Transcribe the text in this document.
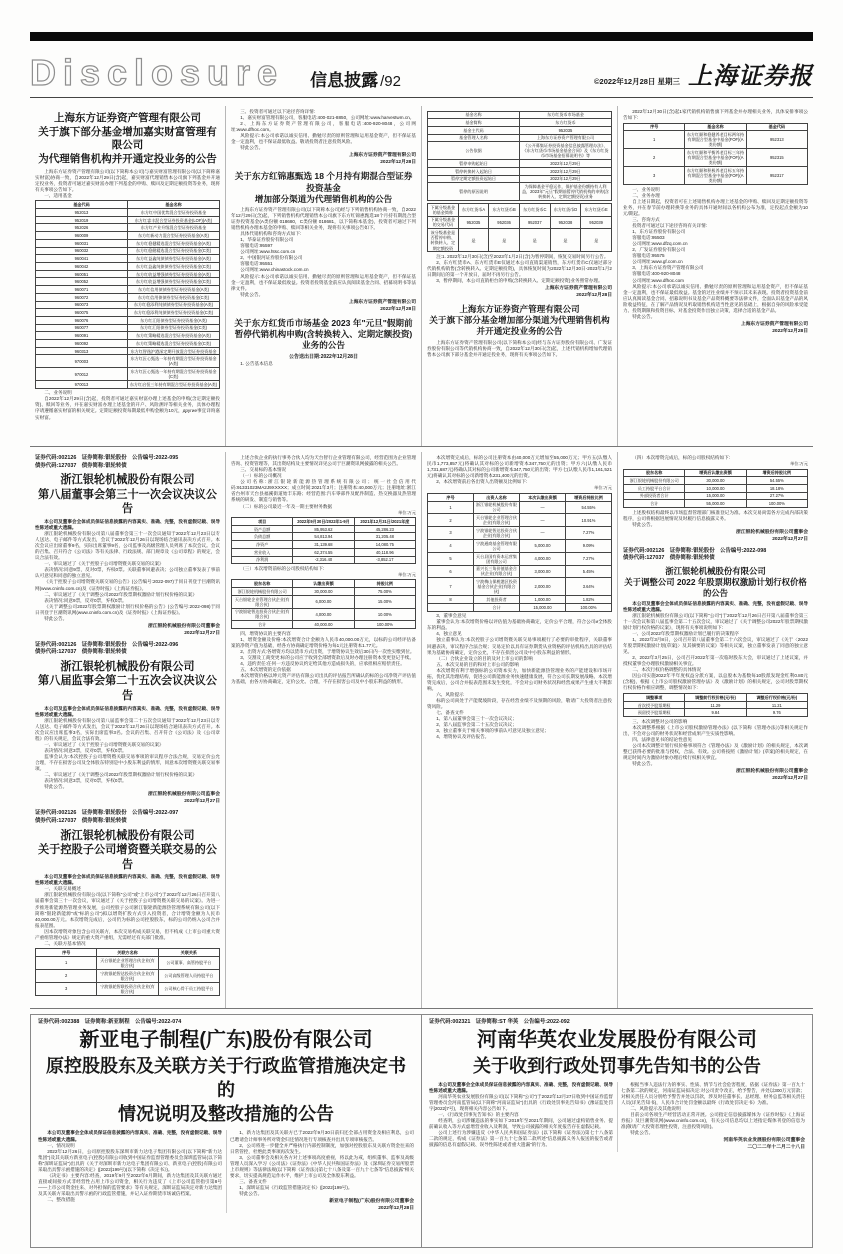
Disclosure 信息披露 /92	©2022年12月28日 星期三 上海证券报

上海东方证券资产管理有限公司

关于旗下部分基金增加嘉实财富管理有限公司

为代理销售机构并开通定投业务的公告

上海东方证券资产管理有限公司(以下简称本公司)与嘉实财富管理有限公司(以下简称嘉实财富)协商一致，自2022年12月29日(含)起，嘉实财富代理销售本公司旗下列基金并开通定投业务，投资者可通过嘉实财富办理下列基金的申购、赎回及定期定额投资等业务，现将有关事项公告如下。
一、适用基金
基金代码	基金名称
952013	东方红中国优势混合型证券投资基金
952019	东方红睿丰混合型证券投资基金(LOF)(A类)
952026	东方红产业升级混合型证券投资基金
960009	东方红新动力混合型证券投资基金(A类)
960031	东方红稳健精选混合型证券投资基金(A类)
960032	东方红稳健精选混合型证券投资基金(C类)
960041	东方红益鑫纯债债券型证券投资基金(A类)
960042	东方红益鑫纯债债券型证券投资基金(C类)
960051	东方红收益增强债券型证券投资基金(A类)
960052	东方红收益增强债券型证券投资基金(C类)
960071	东方红信用债债券型证券投资基金(A类)
960072	东方红信用债债券型证券投资基金(C类)
960073	东方红稳添利纯债债券型证券投资基金(A类)
960075	东方红稳添利纯债债券型证券投资基金(C类)
960076	东方红汇阳债券型证券投资基金(A类)
960077	东方红汇阳债券型证券投资基金(C类)
960091	东方红策略精选混合型证券投资基金(A类)
960092	东方红策略精选混合型证券投资基金(C类)
960313	东方红智逸沪港深定期开放混合型证券投资基金
970003	东方红匠心甄选一年持有期混合型证券投资基金(A类)
970012	东方红匠心甄选一年持有期混合型证券投资基金(C类)
970013	东方红启恒三年持有期混合型证券投资基金(A类)

二、业务说明

自2022年12月29日(含)起，投资者可通过嘉实财富办理上述基金的申购(含定期定额投资)、赎回等业务，并在嘉实财富办理上述基金的开户、风险测评等相关业务，具体办理程序请遵循嘉实财富的相关规定。定期定额投资每期最低申购金额为10元，другие事宜详询嘉实财富。

三、投资者可通过以下途径咨询详情:

1、嘉实财富管理有限公司，客服电话:400-021-8850，公司网址:www.harvestwm.cn。

2、上海东方证券资产管理有限公司，客服电话:400-920-8048，公司网址:www.dfhoc.com。

风险提示:本公司承诺以诚实信用、勤勉尽责的原则管理和运用基金资产，但不保证基金一定盈利，也不保证最低收益。敬请投资者注意投资风险。

特此公告。

上海东方证券资产管理有限公司

2022年12月28日

关于东方红锦惠甄选 18 个月持有期混合型证券投资基金

增加部分渠道为代理销售机构的公告

上海东方证券资产管理有限公司(以下简称本公司)经与下列销售机构协商一致，自2022年12月29日(含)起，下列销售机构代理销售本公司旗下东方红锦惠甄选18个月持有期混合型证券投资基金(A类份额 018680，C类份额 018681，以下简称本基金)，投资者可通过下列销售机构办理本基金的申购、赎回等相关业务，现将有关事项公告如下。

具体代销机构和咨询方式如下:

1、华泰证券股份有限公司

客服电话:95597

公司网址:www.htsc.com.cn

2、中国银河证券股份有限公司

客服电话:95551

公司网址:www.chinastock.com.cn

风险提示:本公司承诺以诚实信用、勤勉尽责的原则管理和运用基金资产，但不保证基金一定盈利，也不保证最低收益。投资者投资基金前应认真阅读基金合同、招募说明书等法律文件。

特此公告。

上海东方证券资产管理有限公司

2022年12月28日

关于东方红货币市场基金 2023 年"元旦"假期前

暂停代销机构申购(含转换转入、定期定额投资)业务的公告

公告送出日期:2022年12月28日
1. 公告基本信息
基金名称	东方红货币市场基金
基金简称	东方红货币
基金主代码	952035
基金管理人名称	上海东方证券资产管理有限公司
公告依据	《公开募集证券投资基金信息披露管理办法》、《东方红货币市场基金基金合同》及《东方红货币市场基金招募说明书》等
暂停申购起始日	2022年12月29日
暂停转换转入起始日	2022年12月29日
暂停定期定额投资起始日	2022年12月29日
暂停的原因说明	为保障基金平稳运作，保护基金份额持有人利益，2023年"元旦"假期前暂停代销机构的申购(含转换转入、定期定额投资)业务
下属分级基金的基金简称	东方红货币A	东方红货币B	东方红货币C	东方红货币D	东方红货币E
下属分级基金的交易代码	952035	952036	952037	952038	952039
该分级基金是否暂停申购、转换转入、定期定额投资	是	是	是	是	是

注:1. 2022年12月30日(含)至2023年1月2日(含)为暂停期间，恢复交易时间另行公告。

2、东方红货币A、东方红货币E仅通过本公司直销渠道销售，东方红货币C仅通过部分代销机构销售(含转换转入、定期定额投资)，具体恢复时间为2022年12月30日-2023年1月2日期间后的第一个开放日，届时不再另行公告。

3、暂停期间，本公司直销柜台的申购(含转换转入、定期定额投资)业务照常办理。

上海东方证券资产管理有限公司

2022年12月28日

上海东方证券资产管理有限公司

关于旗下部分基金增加部分渠道为代理销售机构

并开通定投业务的公告

上海东方证券资产管理有限公司(以下简称本公司)经与东方证券股份有限公司、广发证券股份有限公司等代销机构协商一致，自2022年12月30日(含)起，上述代销机构增加代理销售本公司旗下部分基金并开通定投业务，现将有关事项公告如下。

2022年12月30日(含)起1家代销机构销售旗下列基金并办理相关业务，具体安排事项公告如下:
序号	基金名称	基金代码
1	东方红颐和稳健养老目标两年持有期混合型基金中基金(FOF)(A类份额)	952313
2	东方红颐和平衡养老目标三年持有期混合型基金中基金(FOF)(A类份额)	952315
3	东方红颐和积极养老目标五年持有期混合型基金中基金(FOF)(A类份额)	952317

一、业务说明

二、业务办理

自上述日期起，投资者可在上述销售机构办理上述基金的申购、赎回及定期定额投资等业务，并在春节前办理转换等业务的具体开通时间以各机构公布为准，定投起点金额为10元/期起。

三、咨询方式

投资者可通过以下途径咨询有关详情:

1、东方证券股份有限公司

客服电话:95503

公司网址:www.dfzq.com.cn

2、广发证券股份有限公司

客服电话:95575

公司网址:www.gf.com.cn

3、上海东方证券资产管理有限公司

客服电话:400-920-8048

公司网址:www.dfhoc.com

风险提示:本公司承诺以诚实信用、勤勉尽责的原则管理和运用基金资产，但不保证基金一定盈利，也不保证最低收益。基金的过往业绩并不预示其未来表现。投资者投资基金前应认真阅读基金合同、招募说明书及基金产品资料概要等法律文件，全面认识基金产品的风险收益特征，在了解产品情况及听取销售机构适当性意见的基础上，根据自身的风险承受能力、投资期限和投资目标，对基金投资作出独立决策，选择合适的基金产品。

特此公告。

上海东方证券资产管理有限公司

2022年12月28日

证券代码:002126　证券简称:银轮股份　公告编号:2022-095
债券代码:127037　债券简称:银轮转债

浙江银轮机械股份有限公司

第八届董事会第三十一次会议决议公告

本公司及董事会全体成员保证信息披露的内容真实、准确、完整，没有虚假记载、误导性陈述或重大遗漏。

浙江银轮机械股份有限公司第八届董事会第三十一次会议通知于2022年12月23日以专人送达、电子邮件等方式发出，会议于2022年12月26日以现场结合通讯表决方式召开。本次会议应出席董事9名，实际出席董事9名，公司监事及高级管理人员列席了本次会议。会议的召集、召开符合《公司法》等有关法律、行政法规、部门规章及《公司章程》的规定，会议合法有效。

一、审议通过了《关于控股子公司增资暨关联交易的议案》

表决情况:同意9票，反对0票，弃权0票。关联董事回避表决；公司独立董事发表了事前认可意见和同意的独立意见。

《关于控股子公司增资暨关联交易的公告》(公告编号:2022-097)于同日刊登于巨潮资讯网(www.cninfo.com.cn)及《证券时报》《上海证券报》。

二、审议通过了《关于调整公司2022年股票期权激励计划行权价格的议案》

表决情况:同意9票，反对0票，弃权0票。

《关于调整公司2022年股票期权激励计划行权价格的公告》(公告编号:2022-098)于同日刊登于巨潮资讯网(www.cninfo.com.cn)及《证券时报》《上海证券报》。

特此公告。

浙江银轮机械股份有限公司董事会

2022年12月27日

证券代码:002126　证券简称:银轮股份　公告编号:2022-096
债券代码:127037　债券简称:银轮转债

浙江银轮机械股份有限公司

第八届监事会第二十五次会议决议公告

本公司及监事会全体成员保证信息披露的内容真实、准确、完整，没有虚假记载、误导性陈述或重大遗漏。

浙江银轮机械股份有限公司第八届监事会第二十五次会议通知于2022年12月23日以专人送达、电子邮件等方式发出，会议于2022年12月26日以现场结合通讯表决方式召开。本次会议应出席监事3名，实际出席监事3名。会议的召集、召开符合《公司法》及《公司章程》的有关规定，会议合法有效。

一、审议通过了《关于控股子公司增资暨关联交易的议案》

表决情况:同意3票，反对0票，弃权0票。

监事会认为:本次控股子公司增资暨关联交易事项的审议程序合法合规，交易定价公允合理，不存在损害公司及全体股东特别是中小股东利益的情形，同意本次增资暨关联交易事项。

二、审议通过了《关于调整公司2022年股票期权激励计划行权价格的议案》

表决情况:同意3票，反对0票，弃权0票。

特此公告。

浙江银轮机械股份有限公司监事会

2022年12月27日

证券代码:002126　证券简称:银轮股份　公告编号:2022-097
债券代码:127037　债券简称:银轮转债

浙江银轮机械股份有限公司

关于控股子公司增资暨关联交易的公告

本公司及董事会全体成员保证信息披露的内容真实、准确、完整，没有虚假记载、误导性陈述或重大遗漏。

一、关联交易概述

浙江银轮机械股份有限公司(以下简称"公司"或"上市公司")于2022年12月26日召开第八届董事会第三十一次会议，审议通过了《关于控股子公司增资暨关联交易的议案》。为进一步推进新能源热管理业务发展，公司控股子公司浙江银轮新能源热管理系统有限公司(以下简称"银轮新能源"或"标的公司")拟以增资扩股方式引入投资者，合计增资金额为人民币40,000.00万元。本次增资完成后，公司仍为标的公司控股股东，标的公司仍纳入公司合并报表范围。

因本次增资对象包含公司关联方，本次交易构成关联交易，但不构成《上市公司重大资产重组管理办法》规定的重大资产重组，无需经过有关部门批准。

二、关联方基本情况

序号	关联方名称	关联关系
1	天台银轮企业管理合伙企业(有限合伙)	公司董事、高管持股平台
2	宁波银轮智达投资合伙企业(有限合伙)	公司高级管理人员持股平台
3	宁波银轮智联投资合伙企业(有限合伙)	公司核心骨干员工持股平台

上述合伙企业的执行事务合伙人均为天台智行企业管理有限公司，经营范围为企业管理咨询、投资管理等，其出资结构及主要情况详见公司于巨潮资讯网披露的相关公告。

三、交易标的基本情况

（一）标的公司概况

公司名称:浙江银轮新能源热管理系统有限公司；统一社会信用代码:91331023MA2J9XXXXX；成立时间:2021年3月；注册资本:40,000万元；注册地址:浙江省台州市天台县福溪街道始丰东路；经营范围:汽车零部件及配件制造、热交换器及热管理系统的研发、制造与销售等。

（二）标的公司最近一年及一期主要财务数据

单位:万元
项目	2022年9月30日/2022年1-9月	2021年12月31日/2021年度
资产总额	85,953.62	45,286.23
负债总额	54,813.94	31,205.48
净资产	31,139.68	14,080.75
营业收入	62,374.55	40,118.96
净利润	-2,316.40	-3,852.17

（三）本次增资前标的公司股权结构如下:

单位:万元
股东名称	认缴出资额	持股比例
浙江银轮机械股份有限公司	30,000.00	75.00%
天台银轮企业管理合伙企业(有限合伙)	6,000.00	15.00%
宁波银轮智达投资合伙企业(有限合伙)	4,000.00	10.00%
合计	40,000.00	100.00%

四、增资协议的主要内容

1、增资金额及价格:本次增资合计金额为人民币40,000.00万元，以标的公司经评估备案的净资产值为基础，经各方协商确定增资价格为每1元注册资本1.77元。

2、出资方式:各增资方均以货币方式出资，于增资协议生效后30日内一次性实缴到位。

3、交割及工商变更:标的公司应于收到全部增资款后及时办理注册资本变更登记手续。

4、违约责任:任何一方违反协议约定给其他方造成损失的，应承担相应赔偿责任。

五、本次增资的定价依据

本次增资价格以坤元资产评估有限公司出具的评估报告所确认的标的公司净资产评估值为基础，由各方协商确定，定价公允、合理，不存在损害公司及中小股东利益的情形。

本次增资完成后，标的公司注册资本由40,000万元增加至55,000万元；甲方五(认缴人民币1,773,857元)将确认其对标的公司新增资本347,750元的出资；甲方六(认缴人民币1,731,687元)将确认其对标的公司新增资本347,750元的出资；甲方七(认缴人民币1,161,521元)将确认其对标的公司新增资本231,400元的出资。

2、本次增资前后各出资人出资额及比例如下:

单位:万元
序号	出资人名称	本次认缴出资额	增资后持股比例
1	浙江银轮机械股份有限公司	—	54.55%
2	天台银轮企业管理合伙企业(有限合伙)	—	10.91%
3	宁波银轮智达投资合伙企业(有限合伙)	—	7.27%
4	宁波通商基金管理有限公司	5,000.00	9.09%
5	天台县国有资本运营集团有限公司	4,000.00	7.27%
6	嘉兴长三角价值基金合伙企业(有限合伙)	3,000.00	5.45%
7	宁波梅山保税港区投资基金合伙企业(有限合伙)	2,000.00	3.64%
8	其他投资者	1,000.00	1.82%
	合计	15,000.00	100.00%

3、董事会意见

董事会认为:本次增资价格以评估值为基础协商确定，定价公平合理，符合公司и全体股东的利益。

4、独立意见

独立董事认为:本次控股子公司增资暨关联交易事项履行了必要的审批程序，关联董事回避表决，审议程序合法合规；交易定价以具有证券期货从业资格的评估机构出具的评估结果为基础协商确定，定价公允，不存在损害公司及中小股东利益的情形。

（二）合伙企业设立的目的及对上市公司的影响

五、本次交易的目的和对上市公司的影响

本次增资有利于增强标的公司资本实力，加快新能源热管理业务的产能建设和市场开拓，优化其治理结构，促进公司新能源业务快速健康发展，符合公司长期发展战略。本次增资完成后，公司合并报表范围未发生变化，不会对公司财务状况和经营成果产生重大不利影响。

六、风险提示

标的公司尚处于产能爬坡阶段，存在经营业绩不及预期的风险，敬请广大投资者注意投资风险。

七、备查文件

1、第八届董事会第三十一次会议决议；

2、第八届监事会第二十五次会议决议；

3、独立董事关于相关事项的事前认可意见及独立意见；

4、增资协议及评估报告。

（四）本次增资完成后，标的公司股权结构如下:

单位:万元
股东名称	增资后认缴出资额	增资后持股比例
浙江银轮机械股份有限公司	30,000.00	54.55%
员工持股平台合计	10,000.00	18.18%
外部投资者合计	15,000.00	27.27%
合计	55,000.00	100.00%

上述股权结构最终以市场监督管理部门核准登记为准。本次交易尚需各方完成内部决策程序，公司将根据进展情况及时履行信息披露义务。

特此公告。

浙江银轮机械股份有限公司董事会

2022年12月27日

证券代码:002126　证券简称:银轮股份　公告编号:2022-098
债券代码:127037　债券简称:银轮转债

浙江银轮机械股份有限公司

关于调整公司 2022 年股票期权激励计划行权价格的公告

本公司及董事会全体成员保证信息披露的内容真实、准确、完整，没有虚假记载、误导性陈述或重大遗漏。

浙江银轮机械股份有限公司(以下简称"公司")于2022年12月26日召开第八届董事会第三十一次会议和第八届监事会第二十五次会议，审议通过了《关于调整公司2022年股票期权激励计划行权价格的议案》，现将有关事项说明如下:

一、公司2022年股票期权激励计划已履行的决策程序

1、2022年3月8日，公司召开第八届董事会第二十六次会议，审议通过了《关于〈2022年股票期权激励计划(草案)〉及其摘要的议案》等相关议案，独立董事发表了同意的独立意见。

2、2022年3月25日，公司召开2022年第一次临时股东大会，审议通过了上述议案，并授权董事会办理股权激励相关事宜。

二、本次行权价格调整的具体情况

因公司实施2022年半年度权益分派方案，以总股本为基数每10股派发现金红利0.80元(含税)，根据《上市公司股权激励管理办法》及《激励计划》的相关规定，公司对股票期权行权价格作相应调整，调整情况如下:

调整事项	调整前行权价格(元/份)	调整后行权价格(元/份)
首次授予股票期权	11.29	11.21
预留授予股票期权	9.84	9.76

三、本次调整对公司的影响

本次调整系根据《上市公司股权激励管理办法》(以下简称《管理办法》)等相关规定作出，不会对公司的财务状况和经营成果产生实质性影响。

四、法律意见书的结论性意见

公司本次调整计划行权价格事项符合《管理办法》及《激励计划》的相关规定，本次调整已获得必要的批准与授权，合法、有效。公司将按照《激励计划》(草案)的相关规定，在规定时间内为激励对象办理后续行权相关事宜。

特此公告。

浙江银轮机械股份有限公司董事会

2022年12月27日

证券代码:002388　证券简称:新亚制程　公告编号:2022-074
新亚电子制程(广东)股份有限公司
原控股股东及关联方关于行政监管措施决定书的
情况说明及整改措施的公告
本公司及董事会全体成员保证信息披露的内容真实、准确、完整，没有虚假记载、误导性陈述或重大遗漏。

一、情况说明

2022年12月26日，公司原控股股东深圳市新力达电子集团有限公司(以下简称"新力达集团")及其关联方新亚电子(控股)有限公司收到中国证券监督管理委员会深圳监管局(以下简称"深圳证监局")出具的《关于对深圳市新力达电子集团有限公司、新亚电子(控股)有限公司采取出具警示函措施的决定》([2022]199号)(以下简称《决定书》)。

《决定书》主要内容:经查，2019年9月至2022年6月期间，新力达集团及其关联方通过直接或间接方式非经营性占用上市公司资金，相关行为违反了《上市公司监管指引第8号——上市公司资金往来、对外担保的监管要求》等有关规定。深圳证监局决定对新力达集团及其关联方采取出具警示函的行政监管措施，并记入证券期货市场诚信档案。

二、整改措施

1、新力达集团及其关联方已于2022年9月30日前归还全部占用资金及相应利息，公司已聘请会计师事务所对资金归还情况进行专项核查并出具专项审核报告。

2、公司将进一步健全并严格执行内部控制制度，加强对控股股东及关联方资金往来的日常管控，杜绝此类事项再次发生。

3、公司董事会及相关各方对上述事项高度重视，将以此为戒，组织董事、监事及高级管理人员深入学习《公司法》《证券法》《中华人民共和国证券法》及《深圳证券交易所股票上市规则》等法律法规(以下简称《证券法》)第七十八条及第一百九十七条等"信息披露"相关要求，切实提高规范运作水平，维护上市公司及全体股东利益。

三、备查文件

1、深圳证监局《行政监管措施决定书》([2022]199号)。

特此公告。

新亚电子制程(广东)股份有限公司董事会

2022年12月28日

证券代码:002321　证券简称:ST 华英　公告编号:2022-092
河南华英农业发展股份有限公司
关于收到行政处罚事先告知书的公告
本公司及董事会全体成员保证信息披露的内容真实、准确、完整，没有虚假记载、误导性陈述或重大遗漏。

河南华英农业发展股份有限公司(以下简称"公司")于2022年12月27日收到中国证券监督管理委员会河南监管局(以下简称"河南证监局")出具的《行政处罚事先告知书》(豫证监处罚字[2022]7号)，现将相关内容公告如下。

一、《行政处罚事先告知书》的主要内容

经查明，公司涉嫌违法的事实如下:2019年至2021年期间，公司通过虚构销售业务、提前确认收入等方式虚增营业收入及利润，导致公司披露的相关年度报告存在虚假记载。

公司上述行为涉嫌违反《中华人民共和国证券法》(以下简称《证券法》)第七十八条第二款的规定，构成《证券法》第一百九十七条第二款所述"信息披露义务人报送的报告或者披露的信息有虚假记载、误导性陈述或者重大遗漏"的行为。

根据当事人违法行为的事实、性质、情节与社会危害程度，依据《证券法》第一百九十七条第二款的规定，河南证监局拟决定:对公司责令改正，给予警告，并处以300万元罚款；对相关责任人员分别给予警告并处以罚款，涉及时任董事长、总经理、财务总监等相关责任人员(详见告知书)，人民币合计处罚金额以最终《行政处罚决定书》为准。

二、风险提示及其他说明

目前公司各项生产经营活动正常开展。公司指定信息披露媒体为《证券时报》《上海证券报》及巨潮资讯网(www.cninfo.com.cn)，有关公司信息均以上述指定媒体刊登的信息为准(敬请广大投资者理性投资，注意投资风险)。

特此公告。

河南华英农业发展股份有限公司董事会

二〇二二年十二月二十八日
